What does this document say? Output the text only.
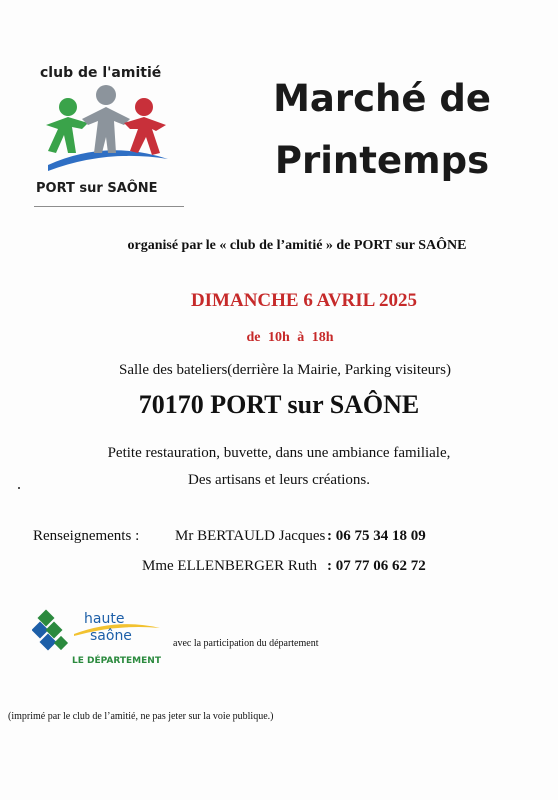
club de l'amitié
PORT sur SAÔNE
Marché de
Printemps
organisé par le « club de l’amitié » de PORT sur SAÔNE
DIMANCHE 6 AVRIL 2025
de 10h à 18h
Salle des bateliers(derrière la Mairie, Parking visiteurs)
70170 PORT sur SAÔNE
Petite restauration, buvette, dans une ambiance familiale,
Des artisans et leurs créations.
Renseignements : Mr BERTAULD Jacques : 06 75 34 18 09
Mme ELLENBERGER Ruth : 07 77 06 62 72
haute
saône
LE DÉPARTEMENT
avec la participation du département
(imprimé par le club de l’amitié, ne pas jeter sur la voie publique.)
